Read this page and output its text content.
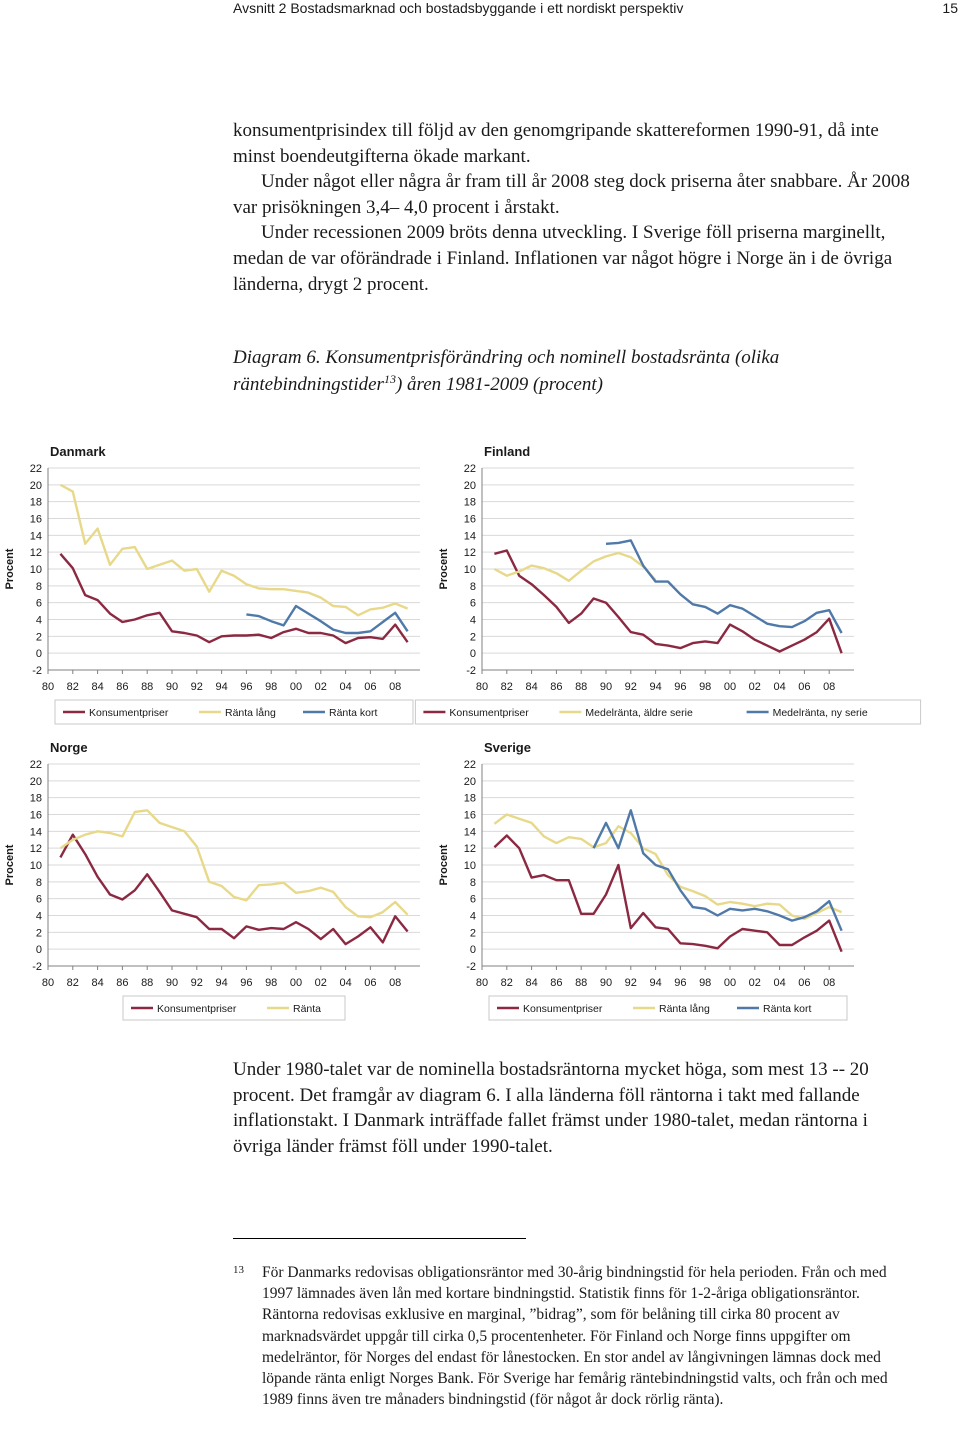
Avsnitt 2 Bostadsmarknad och bostadsbyggande i ett nordiskt perspektiv	15

konsumentprisindex till följd av den genomgripande skattereformen 1990-91, då inte minst boendeutgifterna ökade markant.

Under något eller några år fram till år 2008 steg dock priserna åter snabbare. År 2008 var prisökningen 3,4– 4,0 procent i årstakt.

Under recessionen 2009 bröts denna utveckling. I Sverige föll priserna marginellt, medan de var oförändrade i Finland. Inflationen var något högre i Norge än i de övriga länderna, drygt 2 procent.

Diagram 6. Konsumentprisförändring och nominell bostadsränta (olika räntebindningstider$^{13}$) åren 1981-2009 (procent)
Danmark
Procent
-2
0
2
4
6
8
10
12
14
16
18
20
22
80 82 84 86 88 90 92 94 96 98 00 02 04 06 08
Konsumentpriser	Ränta lång	Ränta kort
Finland
Procent
-2
0
2
4
6
8
10
12
14
16
18
20
22
80 82 84 86 88 90 92 94 96 98 00 02 04 06 08
Konsumentpriser	Medelränta, äldre serie	Medelränta, ny serie
Norge
Procent
-2
0
2
4
6
8
10
12
14
16
18
20
22
80 82 84 86 88 90 92 94 96 98 00 02 04 06 08
Konsumentpriser	Ränta
Sverige
Procent
-2
0
2
4
6
8
10
12
14
16
18
20
22
80 82 84 86 88 90 92 94 96 98 00 02 04 06 08
Konsumentpriser	Ränta lång	Ränta kort

Under 1980-talet var de nominella bostadsräntorna mycket höga, som mest 13 -- 20 procent. Det framgår av diagram 6. I alla länderna föll räntorna i takt med fallande inflationstakt. I Danmark inträffade fallet främst under 1980-talet, medan räntorna i övriga länder främst föll under 1990-talet.

13 För Danmarks redovisas obligationsräntor med 30-årig bindningstid för hela perioden. Från och med 1997 lämnades även lån med kortare bindningstid. Statistik finns för 1-2-åriga obligationsräntor. Räntorna redovisas exklusive en marginal, ”bidrag”, som för belåning till cirka 80 procent av marknadsvärdet uppgår till cirka 0,5 procentenheter. För Finland och Norge finns uppgifter om medelräntor, för Norges del endast för lånestocken. En stor andel av långivningen lämnas dock med löpande ränta enligt Norges Bank. För Sverige har femårig räntebindningstid valts, och från och med 1989 finns även tre månaders bindningstid (för något år dock rörlig ränta).
